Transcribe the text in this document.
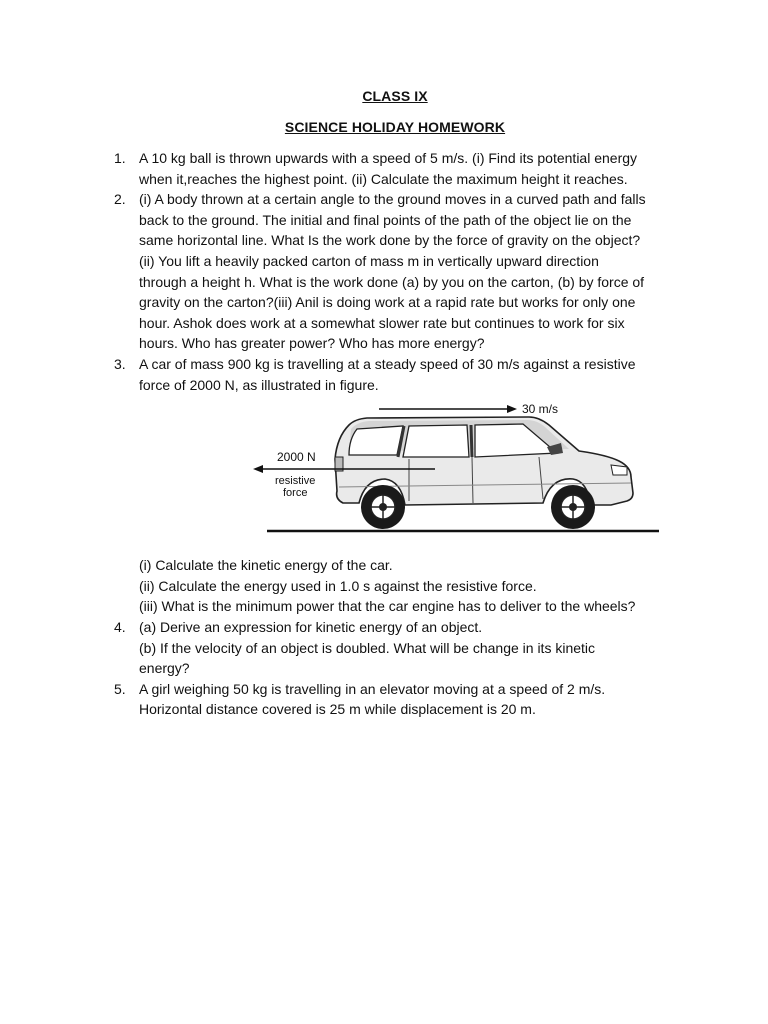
CLASS IX
SCIENCE HOLIDAY HOMEWORK
1. A 10 kg ball is thrown upwards with a speed of 5 m/s. (i) Find its potential energy
when it,reaches the highest point. (ii) Calculate the maximum height it reaches.
2. (i) A body thrown at a certain angle to the ground moves in a curved path and falls
back to the ground. The initial and final points of the path of the object lie on the
same horizontal line. What Is the work done by the force of gravity on the object?
(ii) You lift a heavily packed carton of mass m in vertically upward direction
through a height h. What is the work done (a) by you on the carton, (b) by force of
gravity on the carton?(iii) Anil is doing work at a rapid rate but works for only one
hour. Ashok does work at a somewhat slower rate but continues to work for six
hours. Who has greater power? Who has more energy?
3. A car of mass 900 kg is travelling at a steady speed of 30 m/s against a resistive
force of 2000 N, as illustrated in figure.
30 m/s
2000 N
resistive
force
(i) Calculate the kinetic energy of the car.
(ii) Calculate the energy used in 1.0 s against the resistive force.
(iii) What is the minimum power that the car engine has to deliver to the wheels?
4. (a) Derive an expression for kinetic energy of an object.
(b) If the velocity of an object is doubled. What will be change in its kinetic
energy?
5. A girl weighing 50 kg is travelling in an elevator moving at a speed of 2 m/s.
Horizontal distance covered is 25 m while displacement is 20 m.
